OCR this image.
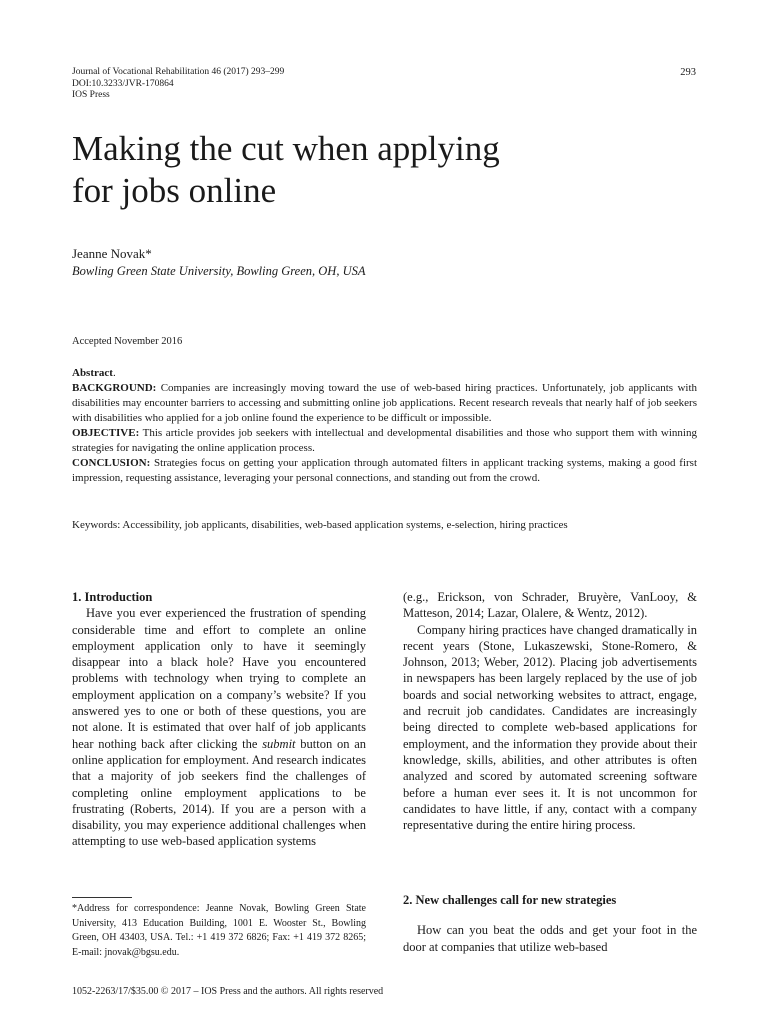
Journal of Vocational Rehabilitation 46 (2017) 293–299
DOI:10.3233/JVR-170864
IOS Press
293
Making the cut when applying
for jobs online
Jeanne Novak*
Bowling Green State University, Bowling Green, OH, USA
Accepted November 2016

Abstract.

BACKGROUND: Companies are increasingly moving toward the use of web-based hiring practices. Unfortunately, job applicants with disabilities may encounter barriers to accessing and submitting online job applications. Recent research reveals that nearly half of job seekers with disabilities who applied for a job online found the experience to be difficult or impossible.

OBJECTIVE: This article provides job seekers with intellectual and developmental disabilities and those who support them with winning strategies for navigating the online application process.

CONCLUSION: Strategies focus on getting your application through automated filters in applicant tracking systems, making a good first impression, requesting assistance, leveraging your personal connections, and standing out from the crowd.

Keywords: Accessibility, job applicants, disabilities, web-based application systems, e-selection, hiring practices

1. Introduction

Have you ever experienced the frustration of spending considerable time and effort to complete an online employment application only to have it seemingly disappear into a black hole? Have you encountered problems with technology when trying to complete an employment application on a company’s website? If you answered yes to one or both of these questions, you are not alone. It is estimated that over half of job applicants hear nothing back after clicking the submit button on an online application for employment. And research indicates that a majority of job seekers find the challenges of completing online employment applications to be frustrating (Roberts, 2014). If you are a person with a disability, you may experience additional challenges when attempting to use web-based application systems

(e.g., Erickson, von Schrader, Bruyère, VanLooy, & Matteson, 2014; Lazar, Olalere, & Wentz, 2012).

Company hiring practices have changed dramatically in recent years (Stone, Lukaszewski, Stone-Romero, & Johnson, 2013; Weber, 2012). Placing job advertisements in newspapers has been largely replaced by the use of job boards and social networking websites to attract, engage, and recruit job candidates. Candidates are increasingly being directed to complete web-based applications for employment, and the information they provide about their knowledge, skills, abilities, and other attributes is often analyzed and scored by automated screening software before a human ever sees it. It is not uncommon for candidates to have little, if any, contact with a company representative during the entire hiring process.

2. New challenges call for new strategies

How can you beat the odds and get your foot in the door at companies that utilize web-based

*Address for correspondence: Jeanne Novak, Bowling Green State University, 413 Education Building, 1001 E. Wooster St., Bowling Green, OH 43403, USA. Tel.: +1 419 372 6826; Fax: +1 419 372 8265; E-mail: jnovak@bgsu.edu.
1052-2263/17/$35.00 © 2017 – IOS Press and the authors. All rights reserved
